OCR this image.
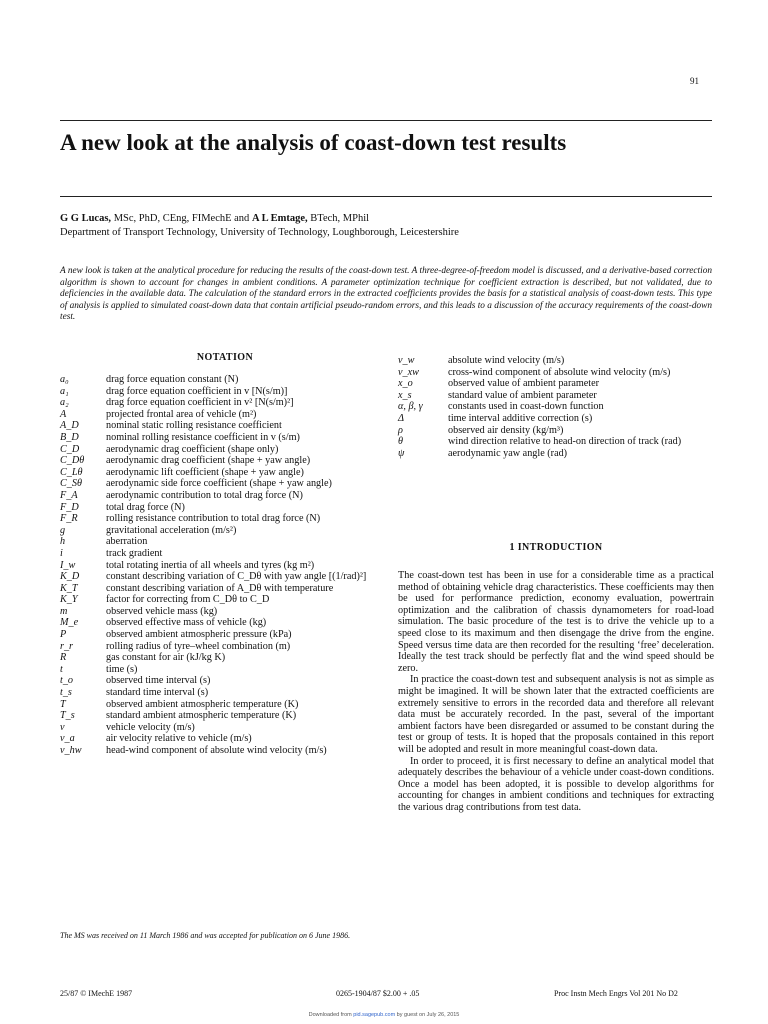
91
A new look at the analysis of coast-down test results
G G Lucas, MSc, PhD, CEng, FIMechE and A L Emtage, BTech, MPhil
Department of Transport Technology, University of Technology, Loughborough, Leicestershire

A new look is taken at the analytical procedure for reducing the results of the coast-down test. A three-degree-of-freedom model is discussed, and a derivative-based correction algorithm is shown to account for changes in ambient conditions. A parameter optimization technique for coefficient extraction is described, but not validated, due to deficiencies in the available data. The calculation of the standard errors in the extracted coefficients provides the basis for a statistical analysis of coast-down tests. This type of analysis is applied to simulated coast-down data that contain artificial pseudo-random errors, and this leads to a discussion of the accuracy requirements of the coast-down test.

NOTATION
a₀	drag force equation constant (N)
a₁	drag force equation coefficient in v [N(s/m)]
a₂	drag force equation coefficient in v² [N(s/m)²]
A	projected frontal area of vehicle (m²)
A_D	nominal static rolling resistance coefficient
B_D	nominal rolling resistance coefficient in v (s/m)
C_D	aerodynamic drag coefficient (shape only)
C_Dθ	aerodynamic drag coefficient (shape + yaw angle)
C_Lθ	aerodynamic lift coefficient (shape + yaw angle)
C_Sθ	aerodynamic side force coefficient (shape + yaw angle)
F_A	aerodynamic contribution to total drag force (N)
F_D	total drag force (N)
F_R	rolling resistance contribution to total drag force (N)
g	gravitational acceleration (m/s²)
h	aberration
i	track gradient
I_w	total rotating inertia of all wheels and tyres (kg m²)
K_D	constant describing variation of C_Dθ with yaw angle [(1/rad)²]
K_T	constant describing variation of A_Dθ with temperature
K_Y	factor for correcting from C_Dθ to C_D
m	observed vehicle mass (kg)
M_e	observed effective mass of vehicle (kg)
P	observed ambient atmospheric pressure (kPa)
r_r	rolling radius of tyre–wheel combination (m)
R	gas constant for air (kJ/kg K)
t	time (s)
t_o	observed time interval (s)
t_s	standard time interval (s)
T	observed ambient atmospheric temperature (K)
T_s	standard ambient atmospheric temperature (K)
v	vehicle velocity (m/s)
v_a	air velocity relative to vehicle (m/s)
v_hw	head-wind component of absolute wind velocity (m/s)
v_w	absolute wind velocity (m/s)
v_xw	cross-wind component of absolute wind velocity (m/s)
x_o	observed value of ambient parameter
x_s	standard value of ambient parameter
α, β, γ	constants used in coast-down function
Δ	time interval additive correction (s)
ρ	observed air density (kg/m³)
θ	wind direction relative to head-on direction of track (rad)
ψ	aerodynamic yaw angle (rad)
1 INTRODUCTION

The coast-down test has been in use for a considerable time as a practical method of obtaining vehicle drag characteristics. These coefficients may then be used for performance prediction, economy evaluation, powertrain optimization and the calibration of chassis dynamometers for road-load simulation. The basic procedure of the test is to drive the vehicle up to a speed close to its maximum and then disengage the drive from the engine. Speed versus time data are then recorded for the resulting ‘free’ deceleration. Ideally the test track should be perfectly flat and the wind speed should be zero.

In practice the coast-down test and subsequent analysis is not as simple as might be imagined. It will be shown later that the extracted coefficients are extremely sensitive to errors in the recorded data and therefore all relevant data must be accurately recorded. In the past, several of the important ambient factors have been disregarded or assumed to be constant during the test or group of tests. It is hoped that the proposals contained in this report will be adopted and result in more meaningful coast-down data.

In order to proceed, it is first necessary to define an analytical model that adequately describes the behaviour of a vehicle under coast-down conditions. Once a model has been adopted, it is possible to develop algorithms for accounting for changes in ambient conditions and techniques for extracting the various drag contributions from test data.

The MS was received on 11 March 1986 and was accepted for publication on 6 June 1986.

25/87 © IMechE 1987	0265-1904/87 $2.00 + .05	Proc Instn Mech Engrs Vol 201 No D2
Downloaded from pid.sagepub.com by guest on July 26, 2015
